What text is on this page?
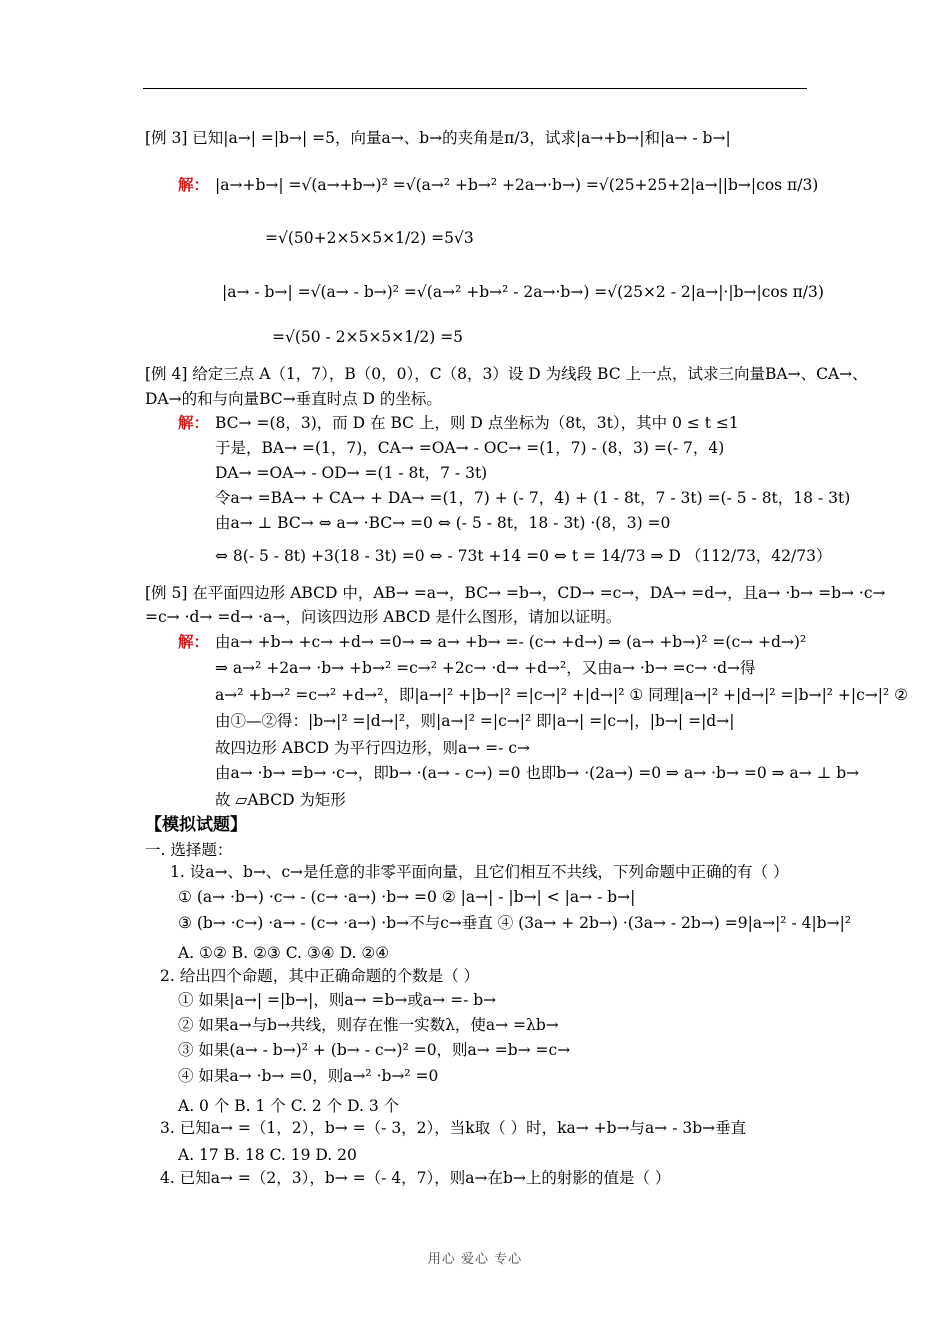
[例 3] 已知|a→| =|b→| =5，向量a→、b→的夹角是π/3，试求|a→+b→|和|a→ - b→|
|a→+b→| =√(a→+b→)² =√(a→² +b→² +2a→·b→) =√(25+25+2|a→||b→|cos π/3)
=√(50+2×5×5×1/2) =5√3
|a→ - b→| =√(a→ - b→)² =√(a→² +b→² - 2a→·b→) =√(25×2 - 2|a→|·|b→|cos π/3)
=√(50 - 2×5×5×1/2) =5
[例 4] 给定三点 A（1，7），B（0，0），C（8，3）设 D 为线段 BC 上一点，试求三向量BA→、CA→、
DA→的和与向量BC→垂直时点 D 的坐标。
BC→ =(8，3)，而 D 在 BC 上，则 D 点坐标为（8t，3t），其中 0 ≤ t ≤1
于是，BA→ =(1，7)，CA→ =OA→ - OC→ =(1，7) - (8，3) =(- 7，4)
DA→ =OA→ - OD→ =(1 - 8t，7 - 3t)
令a→ =BA→ + CA→ + DA→ =(1，7) + (- 7，4) + (1 - 8t，7 - 3t) =(- 5 - 8t，18 - 3t)
由a→ ⊥ BC→ ⇔ a→ ·BC→ =0 ⇔ (- 5 - 8t，18 - 3t) ·(8，3) =0
⇔ 8(- 5 - 8t) +3(18 - 3t) =0 ⇔ - 73t +14 =0 ⇔ t = 14/73 ⇒ D （112/73，42/73）
[例 5] 在平面四边形 ABCD 中，AB→ =a→，BC→ =b→，CD→ =c→，DA→ =d→，且a→ ·b→ =b→ ·c→
=c→ ·d→ =d→ ·a→，问该四边形 ABCD 是什么图形，请加以证明。
由a→ +b→ +c→ +d→ =0→ ⇒ a→ +b→ =- (c→ +d→) ⇒ (a→ +b→)² =(c→ +d→)²
⇒ a→² +2a→ ·b→ +b→² =c→² +2c→ ·d→ +d→²，又由a→ ·b→ =c→ ·d→得
a→² +b→² =c→² +d→²，即|a→|² +|b→|² =|c→|² +|d→|² ① 同理|a→|² +|d→|² =|b→|² +|c→|² ②
由①—②得：|b→|² =|d→|²，则|a→|² =|c→|² 即|a→| =|c→|，|b→| =|d→|
故四边形 ABCD 为平行四边形，则a→ =- c→
由a→ ·b→ =b→ ·c→，即b→ ·(a→ - c→) =0 也即b→ ·(2a→) =0 ⇒ a→ ·b→ =0 ⇒ a→ ⊥ b→
故 ▱ABCD 为矩形
1. 设a→、b→、c→是任意的非零平面向量，且它们相互不共线，下列命题中正确的有（ ）
① (a→ ·b→) ·c→ - (c→ ·a→) ·b→ =0 ② |a→| - |b→| < |a→ - b→|
③ (b→ ·c→) ·a→ - (c→ ·a→) ·b→不与c→垂直 ④ (3a→ + 2b→) ·(3a→ - 2b→) =9|a→|² - 4|b→|²
A. ①② B. ②③ C. ③④ D. ②④
2. 给出四个命题，其中正确命题的个数是（ ）
① 如果|a→| =|b→|，则a→ =b→或a→ =- b→
② 如果a→与b→共线，则存在惟一实数λ，使a→ =λb→
③ 如果(a→ - b→)² + (b→ - c→)² =0，则a→ =b→ =c→
④ 如果a→ ·b→ =0，则a→² ·b→² =0
A. 0 个 B. 1 个 C. 2 个 D. 3 个
3. 已知a→ =（1，2），b→ =（- 3，2），当k取（ ）时，ka→ +b→与a→ - 3b→垂直
A. 17 B. 18 C. 19 D. 20
4. 已知a→ =（2，3），b→ =（- 4，7），则a→在b→上的射影的值是（ ）
解：
解：
解：
【模拟试题】
一. 选择题：
用心 爱心 专心
